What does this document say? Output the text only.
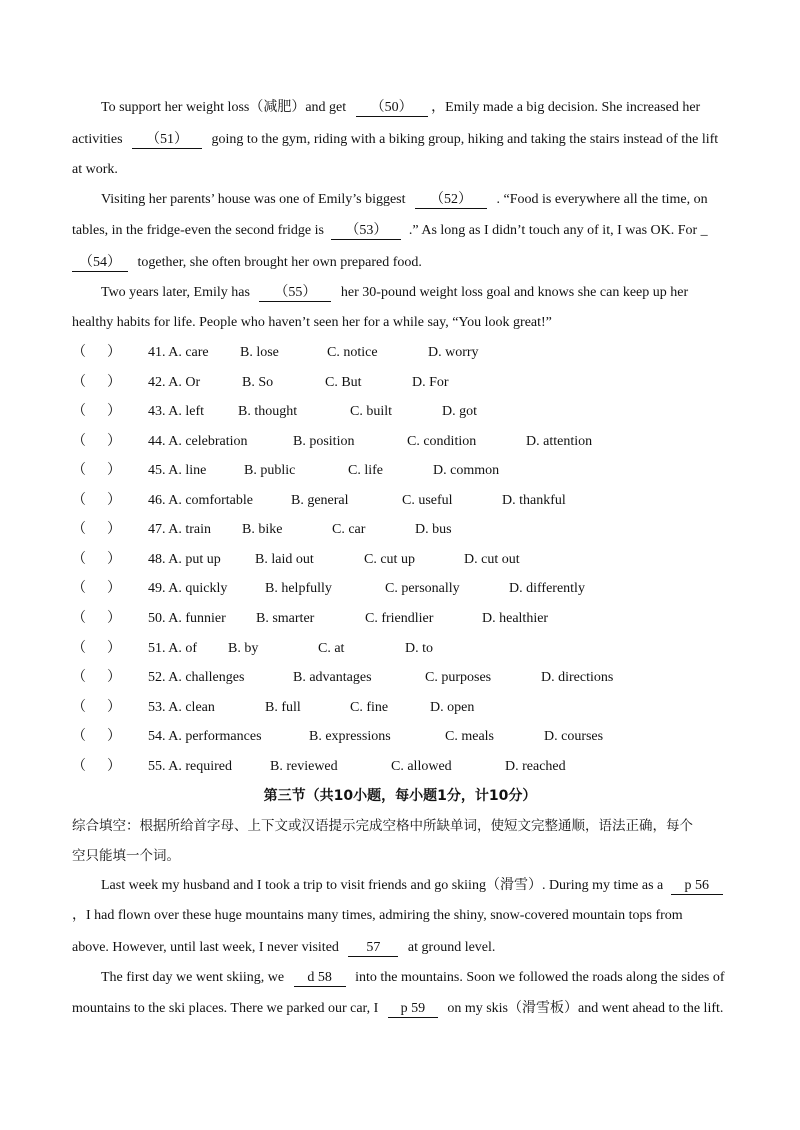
To support her weight loss（减肥）and get （50） ，Emily made a big decision. She increased her
activities （51） going to the gym, riding with a biking group, hiking and taking the stairs instead of the lift
at work.
Visiting her parents’ house was one of Emily’s biggest （52） . “Food is everywhere all the time, on
tables, in the fridge-even the second fridge is （53） .” As long as I didn’t touch any of it, I was OK. For _
（54） together, she often brought her own prepared food.
Two years later, Emily has （55） her 30-pound weight loss goal and knows she can keep up her
healthy habits for life. People who haven’t seen her for a while say, “You look great!”
（      ） 41. A. care B. lose	C. notice	D. worry
（      ） 42. A. Or	B. So	C. But	D. For
（      ） 43. A. left B. thought	C. built	D. got
（      ） 44. A. celebration	B. position	C. condition	D. attention
（      ） 45. A. line	B. public	C. life	D. common
（      ） 46. A. comfortable	B. general	C. useful	D. thankful
（      ） 47. A. train B. bike	C. car	D. bus
（      ） 48. A. put up B. laid out	C. cut up	D. cut out
（      ） 49. A. quickly	B. helpfully	C. personally	D. differently
（      ） 50. A. funnier B. smarter	C. friendlier	D. healthier
（      ） 51. A. of B. by	C. at	D. to
（      ） 52. A. challenges	B. advantages	C. purposes	D. directions
（      ） 53. A. clean	B. full	C. fine	D. open
（      ） 54. A. performances	B. expressions	C. meals	D. courses
（      ） 55. A. required	B. reviewed	C. allowed	D. reached
第三节（共10小题，每小题1分，计10分）
综合填空：根据所给首字母、上下文或汉语提示完成空格中所缺单词，使短文完整通顺，语法正确，每个
空只能填一个词。
Last week my husband and I took a trip to visit friends and go skiing（滑雪）. During my time as a p 56
，I had flown over these huge mountains many times, admiring the shiny, snow-covered mountain tops from
above. However, until last week, I never visited 57 at ground level.
The first day we went skiing, we d 58 into the mountains. Soon we followed the roads along the sides of
mountains to the ski places. There we parked our car, I p 59 on my skis（滑雪板）and went ahead to the lift.
